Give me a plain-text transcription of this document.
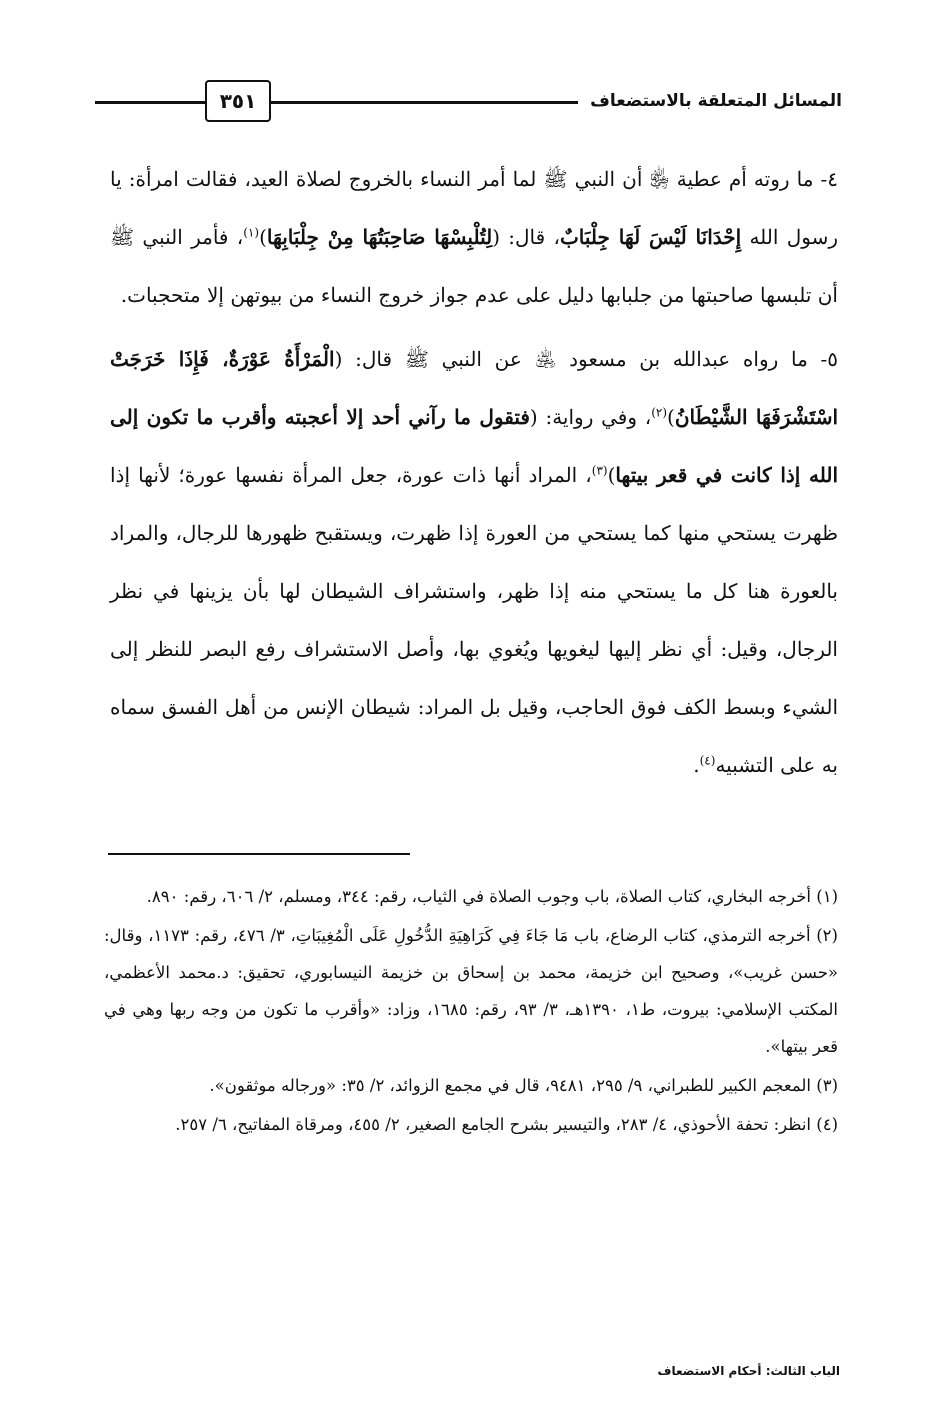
المسائل المتعلقة بالاستضعاف
٣٥١

٤- ما روته أم عطية ﵂ أن النبي ﷺ لما أمر النساء بالخروج لصلاة العيد، فقالت امرأة: يا رسول الله إِحْدَانَا لَيْسَ لَهَا جِلْبَابٌ، قال: (لِتُلْبِسْهَا صَاحِبَتُهَا مِنْ جِلْبَابِهَا)$^{(١)}$، فأمر النبي ﷺ أن تلبسها صاحبتها من جلبابها دليل على عدم جواز خروج النساء من بيوتهن إلا متحجبات.

٥- ما رواه عبدالله بن مسعود ﵁ عن النبي ﷺ قال: (الْمَرْأَةُ عَوْرَةٌ، فَإِذَا خَرَجَتْ اسْتَشْرَفَهَا الشَّيْطَانُ)$^{(٢)}$، وفي رواية: (فتقول ما رآني أحد إلا أعجبته وأقرب ما تكون إلى الله إذا كانت في قعر بيتها)$^{(٣)}$، المراد أنها ذات عورة، جعل المرأة نفسها عورة؛ لأنها إذا ظهرت يستحي منها كما يستحي من العورة إذا ظهرت، ويستقبح ظهورها للرجال، والمراد بالعورة هنا كل ما يستحي منه إذا ظهر، واستشراف الشيطان لها بأن يزينها في نظر الرجال، وقيل: أي نظر إليها ليغويها ويُغوي بها، وأصل الاستشراف رفع البصر للنظر إلى الشيء وبسط الكف فوق الحاجب، وقيل بل المراد: شيطان الإنس من أهل الفسق سماه به على التشبيه$^{(٤)}$.

(١) أخرجه البخاري، كتاب الصلاة، باب وجوب الصلاة في الثياب، رقم: ٣٤٤، ومسلم، ٢/ ٦٠٦، رقم: ٨٩٠.

(٢) أخرجه الترمذي، كتاب الرضاع، باب مَا جَاءَ فِي كَرَاهِيَةِ الدُّخُولِ عَلَى الْمُغِيبَاتِ، ٣/ ٤٧٦، رقم: ١١٧٣، وقال: «حسن غريب»، وصحيح ابن خزيمة، محمد بن إسحاق بن خزيمة النيسابوري، تحقيق: د.محمد الأعظمي، المكتب الإسلامي: بيروت، ط١، ١٣٩٠هـ، ٣/ ٩٣، رقم: ١٦٨٥، وزاد: «وأقرب ما تكون من وجه ربها وهي في قعر بيتها».

(٣) المعجم الكبير للطبراني، ٩/ ٢٩٥، ٩٤٨١، قال في مجمع الزوائد، ٢/ ٣٥: «ورجاله موثقون».

(٤) انظر: تحفة الأحوذي، ٤/ ٢٨٣، والتيسير بشرح الجامع الصغير، ٢/ ٤٥٥، ومرقاة المفاتيح، ٦/ ٢٥٧.

الباب الثالث: أحكام الاستضعاف
